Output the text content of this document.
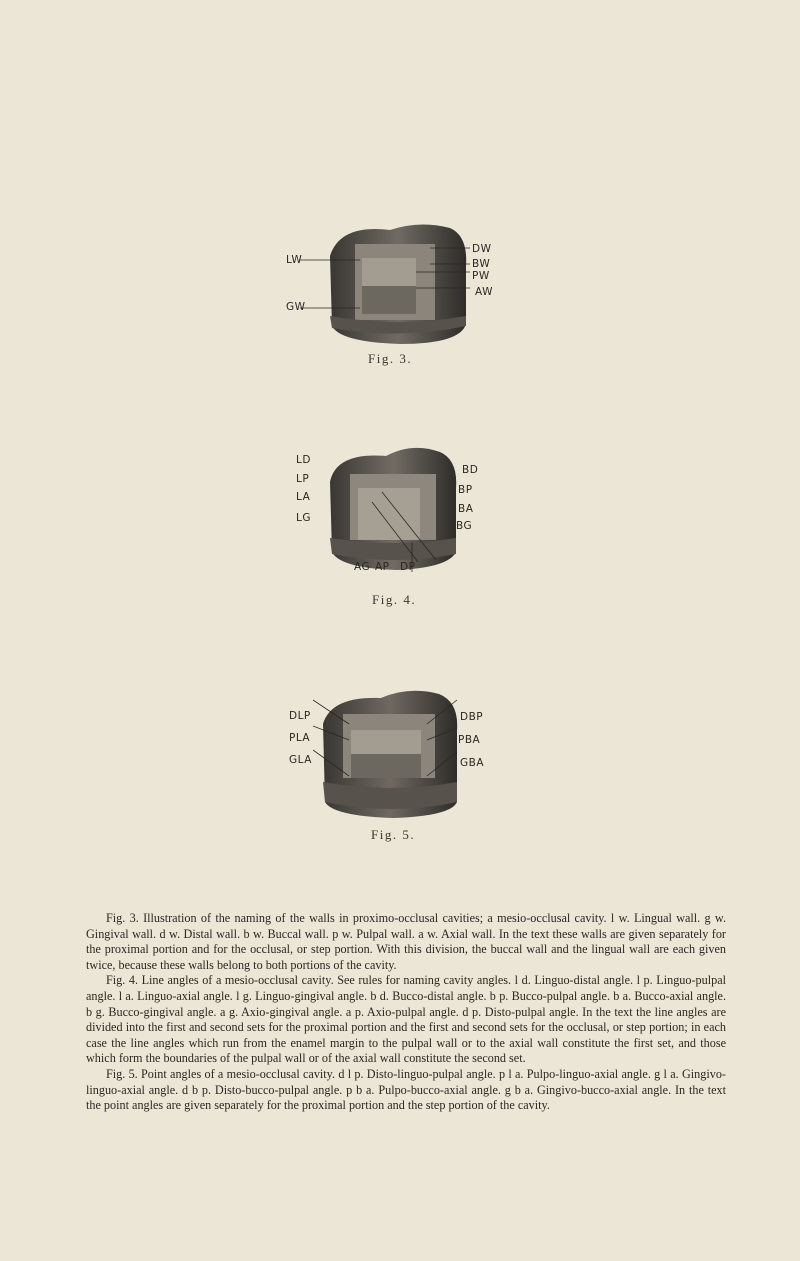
LW
GW
DW
BW
PW
AW
Fig. 3.
LD
LP
LA
LG
BD
BP
BA
BG
AG AP DP
Fig. 4.
DLP
PLA
GLA
DBP
PBA
GBA
Fig. 5.

Fig. 3. Illustration of the naming of the walls in proximo-occlusal cavities; a mesio-occlusal cavity. l w. Lingual wall. g w. Gingival wall. d w. Distal wall. b w. Buccal wall. p w. Pulpal wall. a w. Axial wall. In the text these walls are given separately for the proximal portion and for the occlusal, or step portion. With this division, the buccal wall and the lingual wall are each given twice, because these walls belong to both portions of the cavity.

Fig. 4. Line angles of a mesio-occlusal cavity. See rules for naming cavity angles. l d. Linguo-distal angle. l p. Linguo-pulpal angle. l a. Linguo-axial angle. l g. Linguo-gingival angle. b d. Bucco-distal angle. b p. Bucco-pulpal angle. b a. Bucco-axial angle. b g. Bucco-gingival angle. a g. Axio-gingival angle. a p. Axio-pulpal angle. d p. Disto-pulpal angle. In the text the line angles are divided into the first and second sets for the proximal portion and the first and second sets for the occlusal, or step portion; in each case the line angles which run from the enamel margin to the pulpal wall or to the axial wall constitute the first set, and those which form the boundaries of the pulpal wall or of the axial wall constitute the second set.

Fig. 5. Point angles of a mesio-occlusal cavity. d l p. Disto-linguo-pulpal angle. p l a. Pulpo-linguo-axial angle. g l a. Gingivo-linguo-axial angle. d b p. Disto-bucco-pulpal angle. p b a. Pulpo-bucco-axial angle. g b a. Gingivo-bucco-axial angle. In the text the point angles are given separately for the proximal portion and the step portion of the cavity.
